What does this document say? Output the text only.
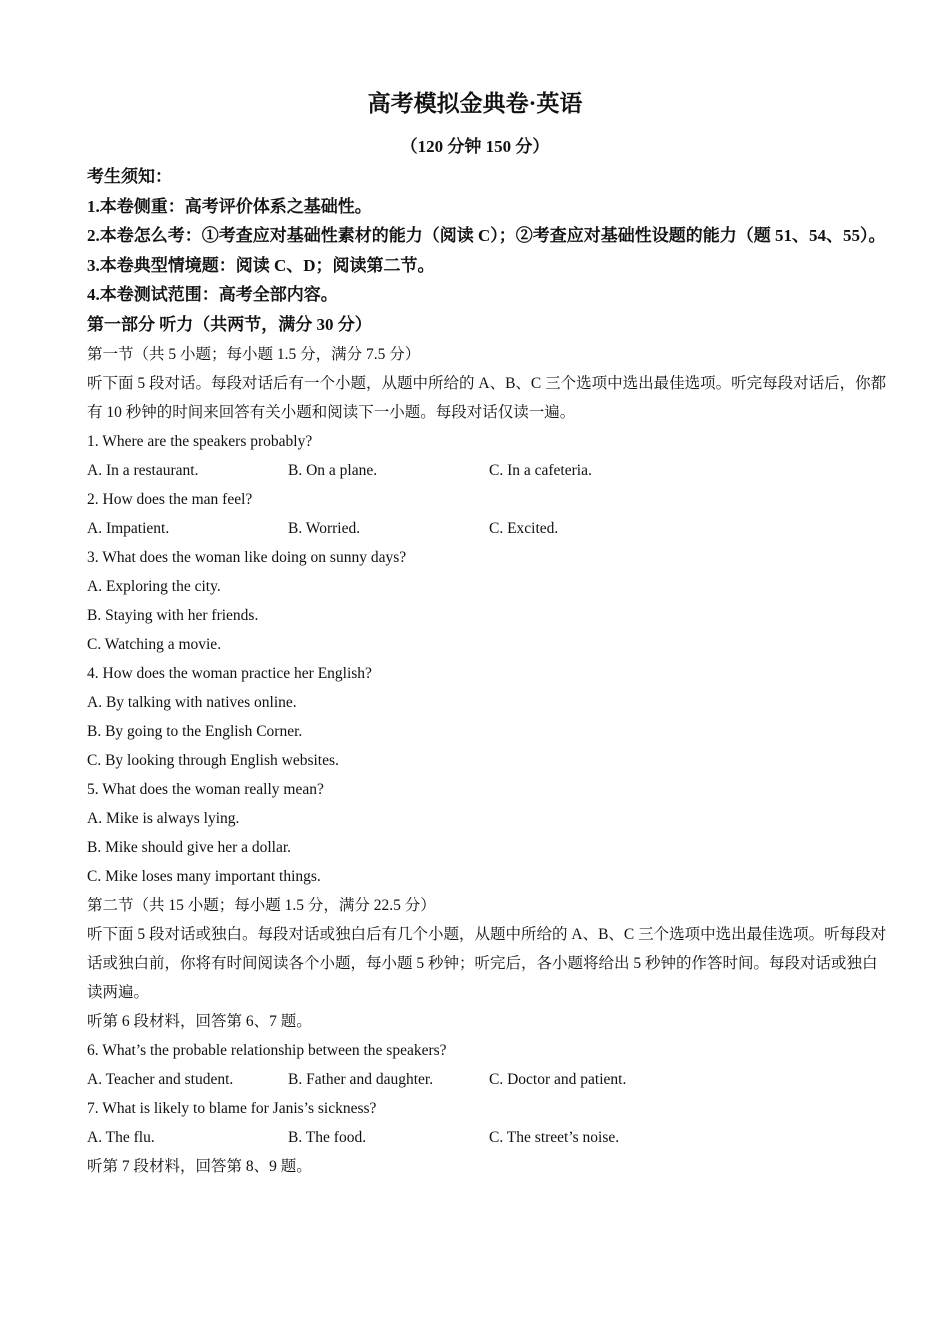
高考模拟金典卷·英语
（120 分钟 150 分）
考生须知：
1.本卷侧重：高考评价体系之基础性。
2.本卷怎么考：①考查应对基础性素材的能力（阅读 C）；②考查应对基础性设题的能力（题 51、54、55）。
3.本卷典型情境题：阅读 C、D；阅读第二节。
4.本卷测试范围：高考全部内容。
第一部分 听力（共两节，满分 30 分）
第一节（共 5 小题；每小题 1.5 分，满分 7.5 分）
听下面 5 段对话。每段对话后有一个小题，从题中所给的 A、B、C 三个选项中选出最佳选项。听完每段对话后，你都有 10 秒钟的时间来回答有关小题和阅读下一小题。每段对话仅读一遍。
1. Where are the speakers probably?
A. In a restaurant.	B. On a plane.	C. In a cafeteria.
2. How does the man feel?
A. Impatient.	B. Worried.	C. Excited.
3. What does the woman like doing on sunny days?
A. Exploring the city.
B. Staying with her friends.
C. Watching a movie.
4. How does the woman practice her English?
A. By talking with natives online.
B. By going to the English Corner.
C. By looking through English websites.
5. What does the woman really mean?
A. Mike is always lying.
B. Mike should give her a dollar.
C. Mike loses many important things.
第二节（共 15 小题；每小题 1.5 分，满分 22.5 分）
听下面 5 段对话或独白。每段对话或独白后有几个小题，从题中所给的 A、B、C 三个选项中选出最佳选项。听每段对话或独白前，你将有时间阅读各个小题，每小题 5 秒钟；听完后，各小题将给出 5 秒钟的作答时间。每段对话或独白读两遍。
听第 6 段材料，回答第 6、7 题。
6. What’s the probable relationship between the speakers?
A. Teacher and student.	B. Father and daughter.	C. Doctor and patient.
7. What is likely to blame for Janis’s sickness?
A. The flu.	B. The food.	C. The street’s noise.
听第 7 段材料，回答第 8、9 题。
